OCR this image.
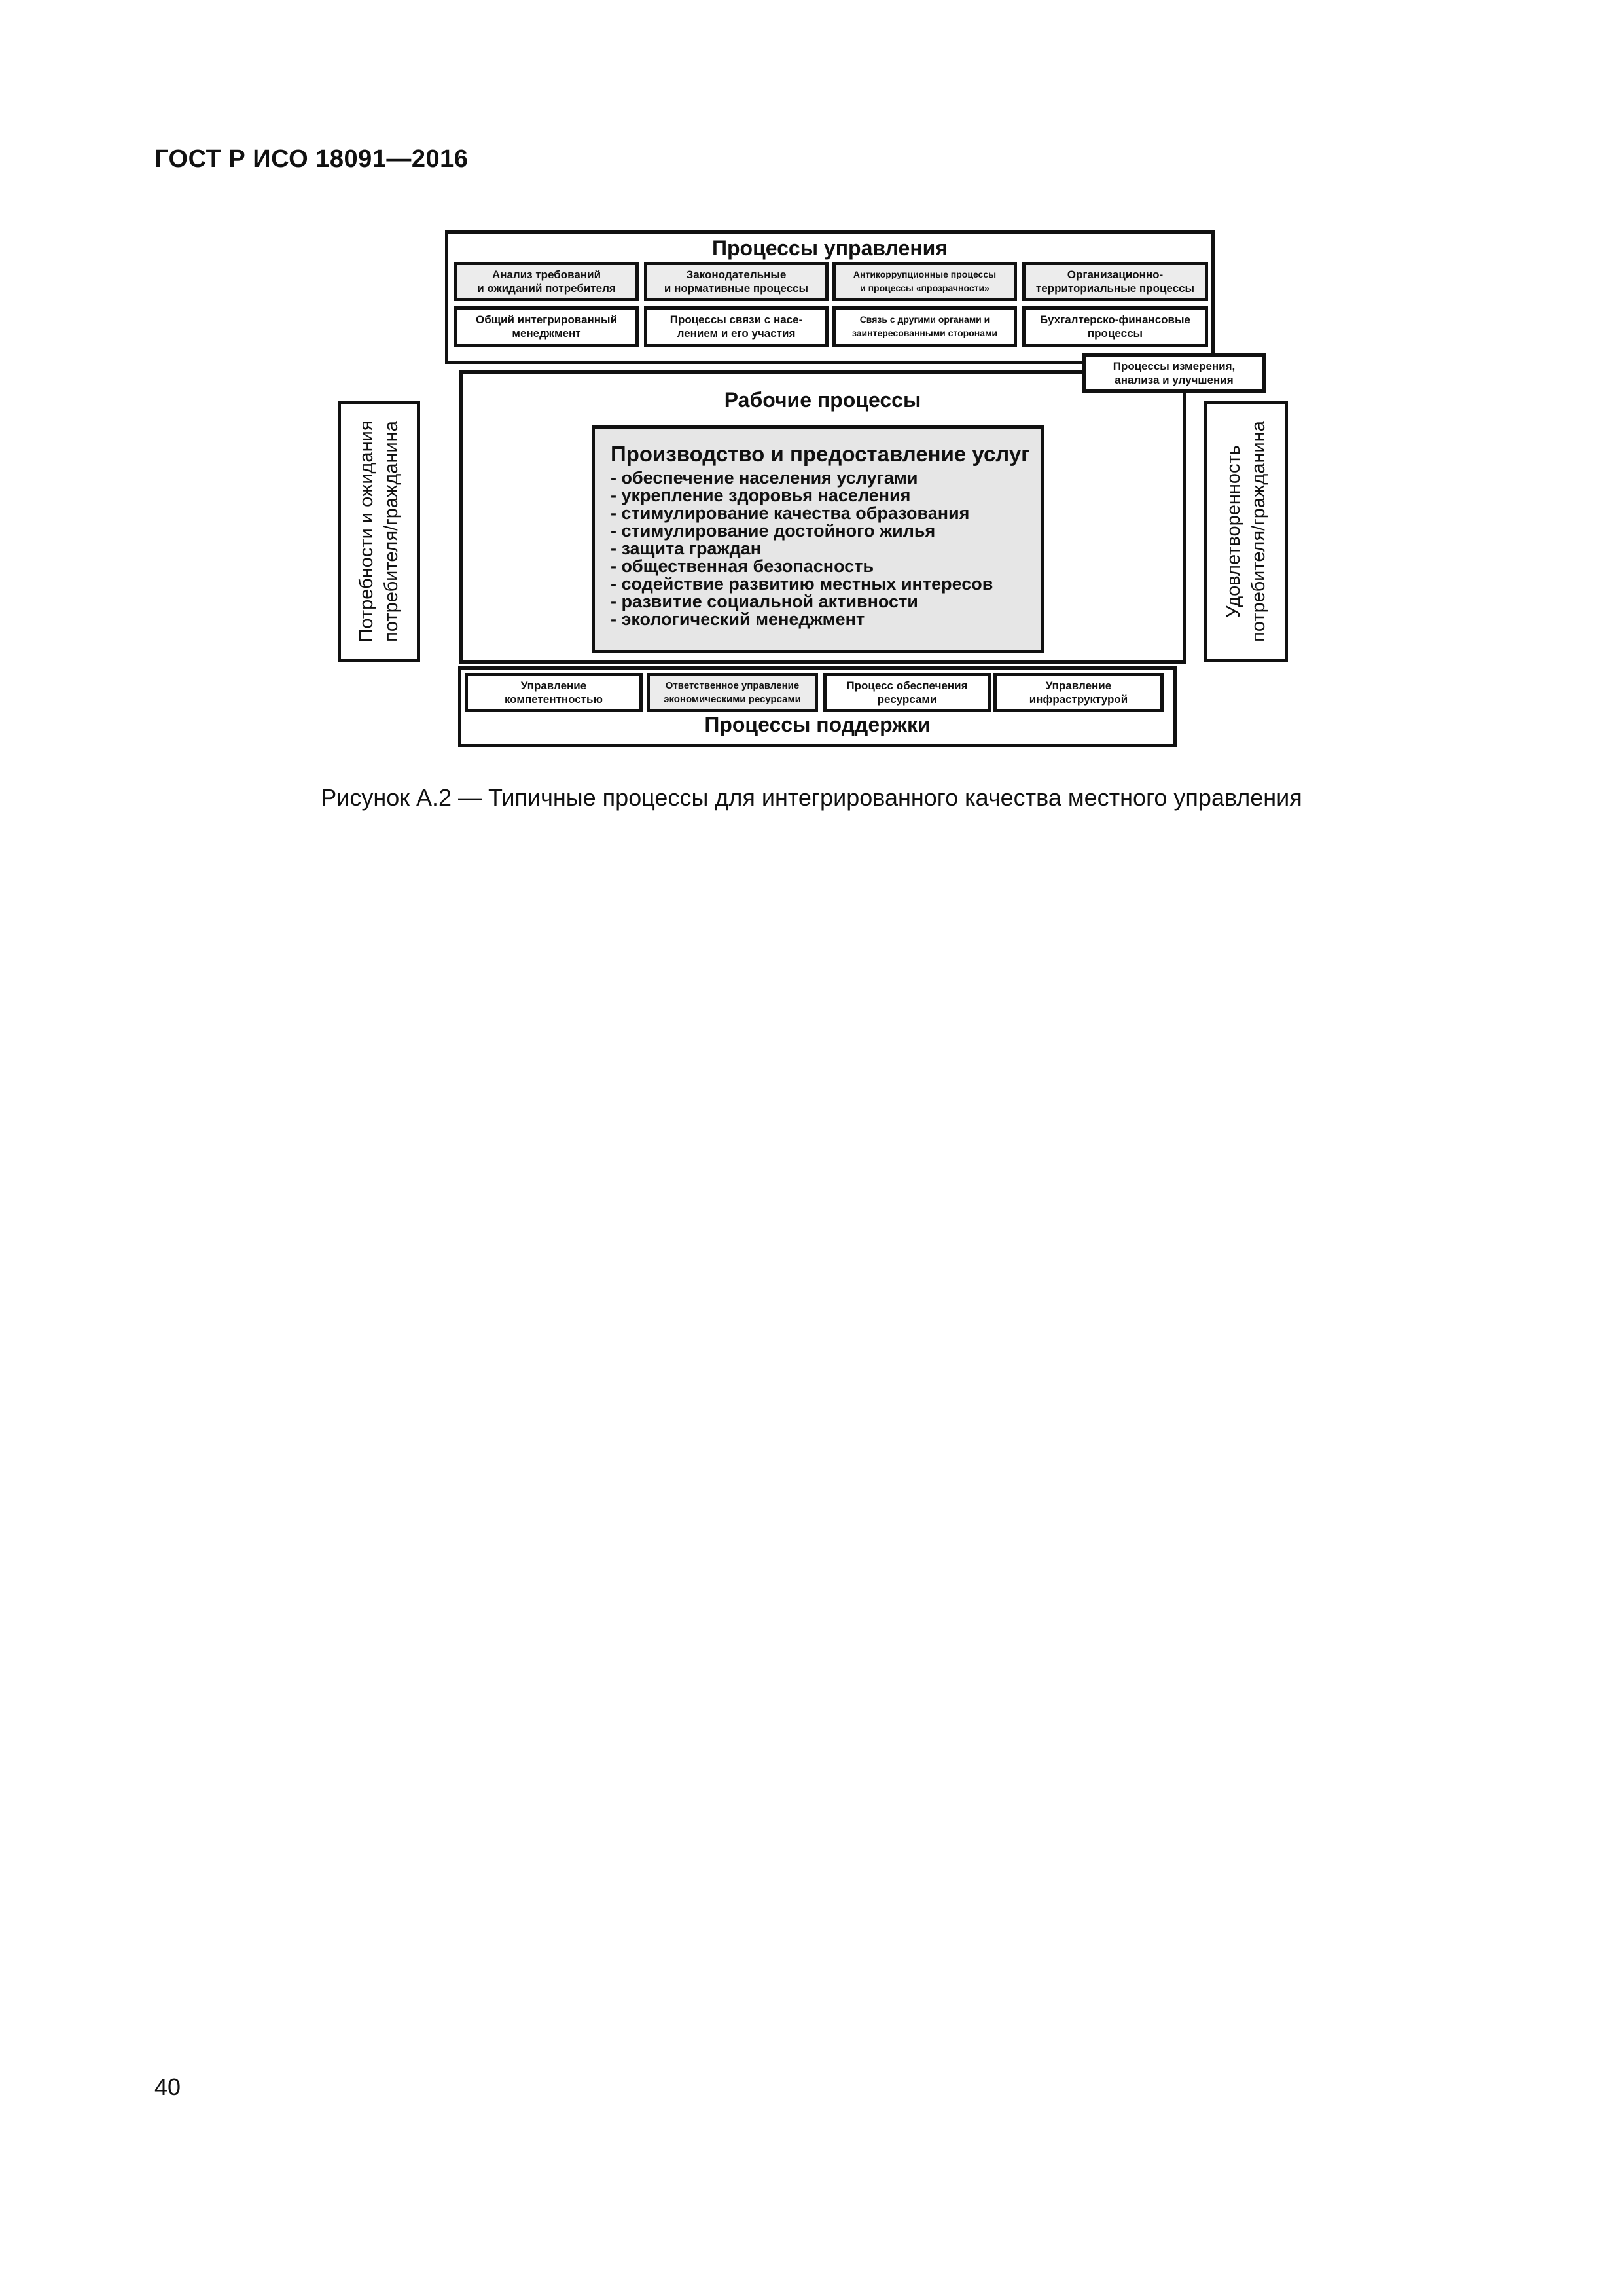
ГОСТ Р ИСО 18091—2016
Процессы управления
Анализ требований
и ожиданий потребителя
Законодательные
и нормативные процессы
Антикоррупционные процессы
и процессы «прозрачности»
Организационно-
территориальные процессы
Общий интегрированный
менеджмент
Процессы связи с насе-
лением и его участия
Связь с другими органами и
заинтересованными сторонами
Бухгалтерско-финансовые
процессы
Потребности и ожидания
потребителя/гражданина
Рабочие процессы
Процессы измерения,
анализа и улучшения
Производство и предоставление услуг
- обеспечение населения услугами
- укрепление здоровья населения
- стимулирование качества образования
- стимулирование достойного жилья
- защита граждан
- общественная безопасность
- содействие развитию местных интересов
- развитие социальной активности
- экологический менеджмент
Удовлетворенность
потребителя/гражданина
Процессы поддержки
Управление
компетентностью
Ответственное управление
экономическими ресурсами
Процесс обеспечения
ресурсами
Управление
инфраструктурой
Рисунок А.2 — Типичные процессы для интегрированного качества местного управления
40
